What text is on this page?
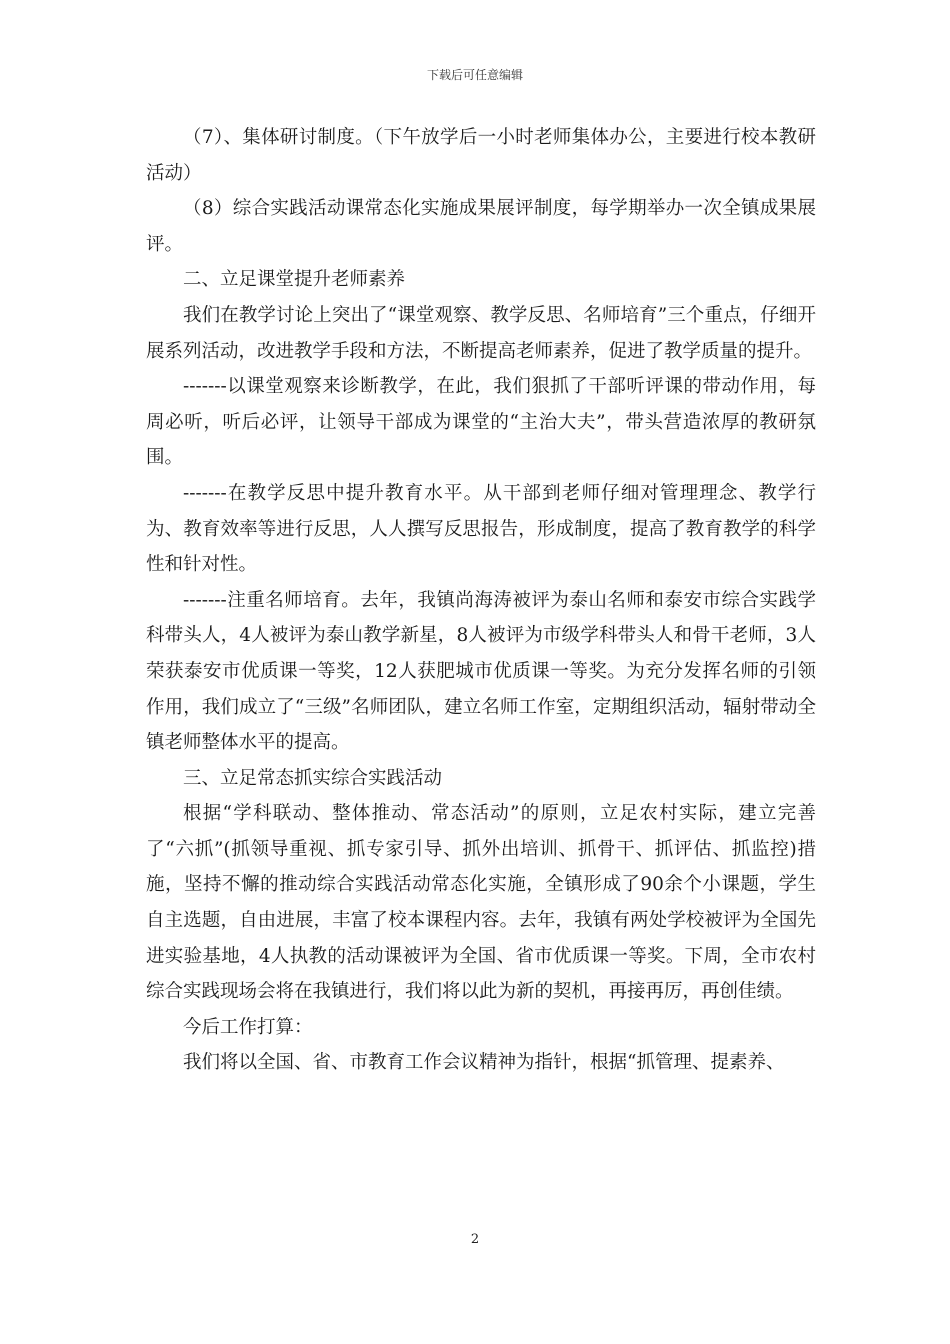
下载后可任意编辑

（7）、集体研讨制度。（下午放学后一小时老师集体办公，主要进行校本教研活动）

（8）综合实践活动课常态化实施成果展评制度，每学期举办一次全镇成果展评。

二、立足课堂提升老师素养

我们在教学讨论上突出了“课堂观察、教学反思、名师培育”三个重点，仔细开展系列活动，改进教学手段和方法，不断提高老师素养，促进了教学质量的提升。

-------以课堂观察来诊断教学，在此，我们狠抓了干部听评课的带动作用，每周必听，听后必评，让领导干部成为课堂的“主治大夫”，带头营造浓厚的教研氛围。

-------在教学反思中提升教育水平。从干部到老师仔细对管理理念、教学行为、教育效率等进行反思，人人撰写反思报告，形成制度，提高了教育教学的科学性和针对性。

-------注重名师培育。去年，我镇尚海涛被评为泰山名师和泰安市综合实践学科带头人，4人被评为泰山教学新星，8人被评为市级学科带头人和骨干老师，3人荣获泰安市优质课一等奖，12人获肥城市优质课一等奖。为充分发挥名师的引领作用，我们成立了“三级”名师团队，建立名师工作室，定期组织活动，辐射带动全镇老师整体水平的提高。

三、立足常态抓实综合实践活动

根据“学科联动、整体推动、常态活动”的原则，立足农村实际，建立完善了“六抓”(抓领导重视、抓专家引导、抓外出培训、抓骨干、抓评估、抓监控)措施，坚持不懈的推动综合实践活动常态化实施，全镇形成了90余个小课题，学生自主选题，自由进展，丰富了校本课程内容。去年，我镇有两处学校被评为全国先进实验基地，4人执教的活动课被评为全国、省市优质课一等奖。下周，全市农村综合实践现场会将在我镇进行，我们将以此为新的契机，再接再厉，再创佳绩。

今后工作打算：

我们将以全国、省、市教育工作会议精神为指针，根据“抓管理、提素养、

2
